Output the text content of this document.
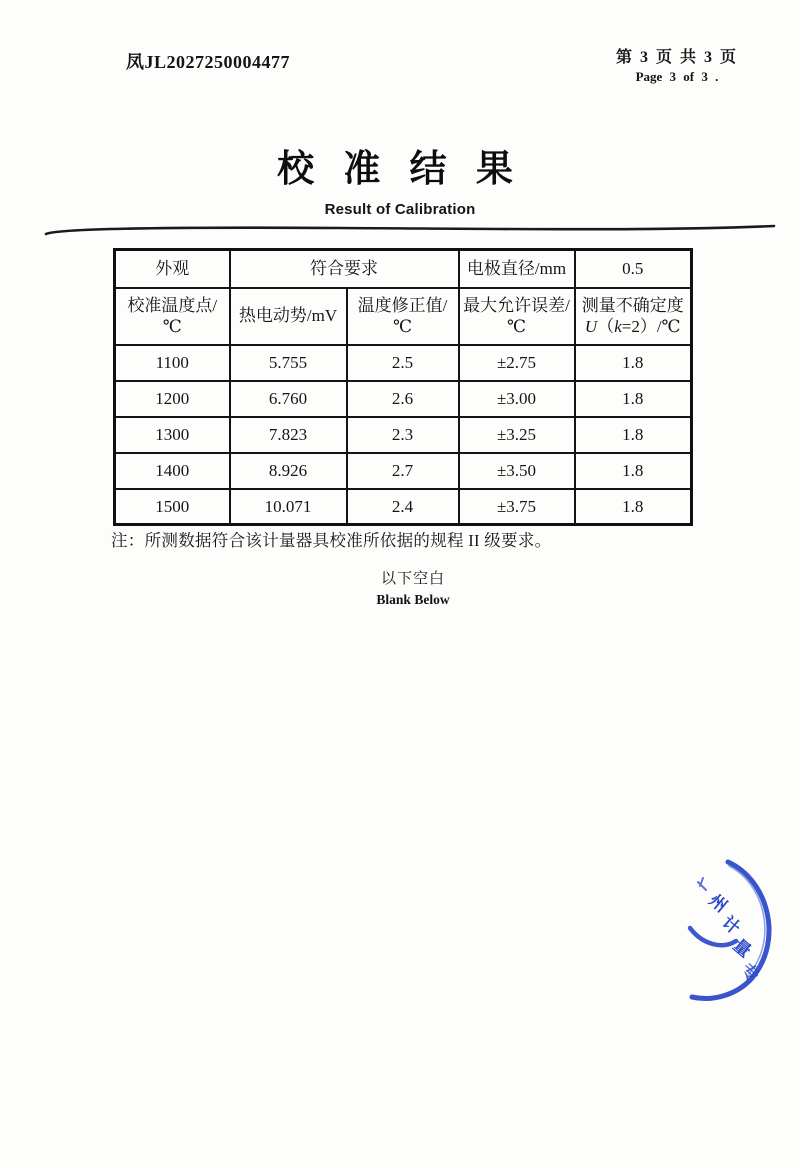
凤JL2027250004477	第 3 页 共 3 页
Page 3 of 3 .
校 准 结 果
Result of Calibration
外观	符合要求		电极直径/mm	0.5
校准温度点/℃	热电动势/mV	温度修正值/℃	最大允许误差/℃	测量不确定度
U（k=2）/℃

1100	5.755	2.5	±2.75	1.8
1200	6.760	2.6	±3.00	1.8
1300	7.823	2.3	±3.25	1.8
1400	8.926	2.7	±3.50	1.8
1500	10.071	2.4	±3.75	1.8
注：所测数据符合该计量器具校准所依据的规程 II 级要求。
以下空白
Blank Below
州
计
量
专
